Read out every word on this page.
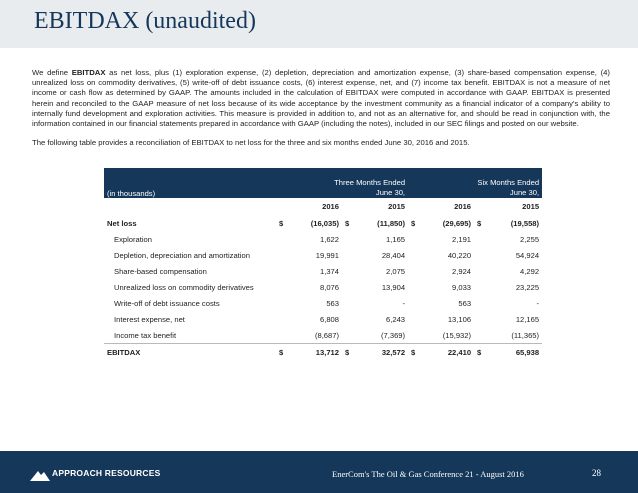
EBITDAX (unaudited)

We define EBITDAX as net loss, plus (1) exploration expense, (2) depletion, depreciation and amortization expense, (3) share-based compensation expense, (4) unrealized loss on commodity derivatives, (5) write-off of debt issuance costs, (6) interest expense, net, and (7) income tax benefit. EBITDAX is not a measure of net income or cash flow as determined by GAAP. The amounts included in the calculation of EBITDAX were computed in accordance with GAAP. EBITDAX is presented herein and reconciled to the GAAP measure of net loss because of its wide acceptance by the investment community as a financial indicator of a company's ability to internally fund development and exploration activities. This measure is provided in addition to, and not as an alternative for, and should be read in conjunction with, the information contained in our financial statements prepared in accordance with GAAP (including the notes), included in our SEC filings and posted on our website.

The following table provides a reconciliation of EBITDAX to net loss for the three and six months ended June 30, 2016 and 2015.

(in thousands)	Three Months Ended
June 30,				Six Months Ended
June 30,			
	2016		2015		2016		2015	
Net loss	$	(16,035)	$	(11,850)	$	(29,695)	$	(19,558)
Exploration		1,622		1,165		2,191		2,255
Depletion, depreciation and amortization		19,991		28,404		40,220		54,924
Share-based compensation		1,374		2,075		2,924		4,292
Unrealized loss on commodity derivatives		8,076		13,904		9,033		23,225
Write-off of debt issuance costs		563		-		563		-
Interest expense, net		6,808		6,243		13,106		12,165
Income tax benefit		(8,687)		(7,369)		(15,932)		(11,365)
EBITDAX	$	13,712	$	32,572	$	22,410	$	65,938
APPROACH RESOURCES	EnerCom's The Oil & Gas Conference 21 - August 2016	28
